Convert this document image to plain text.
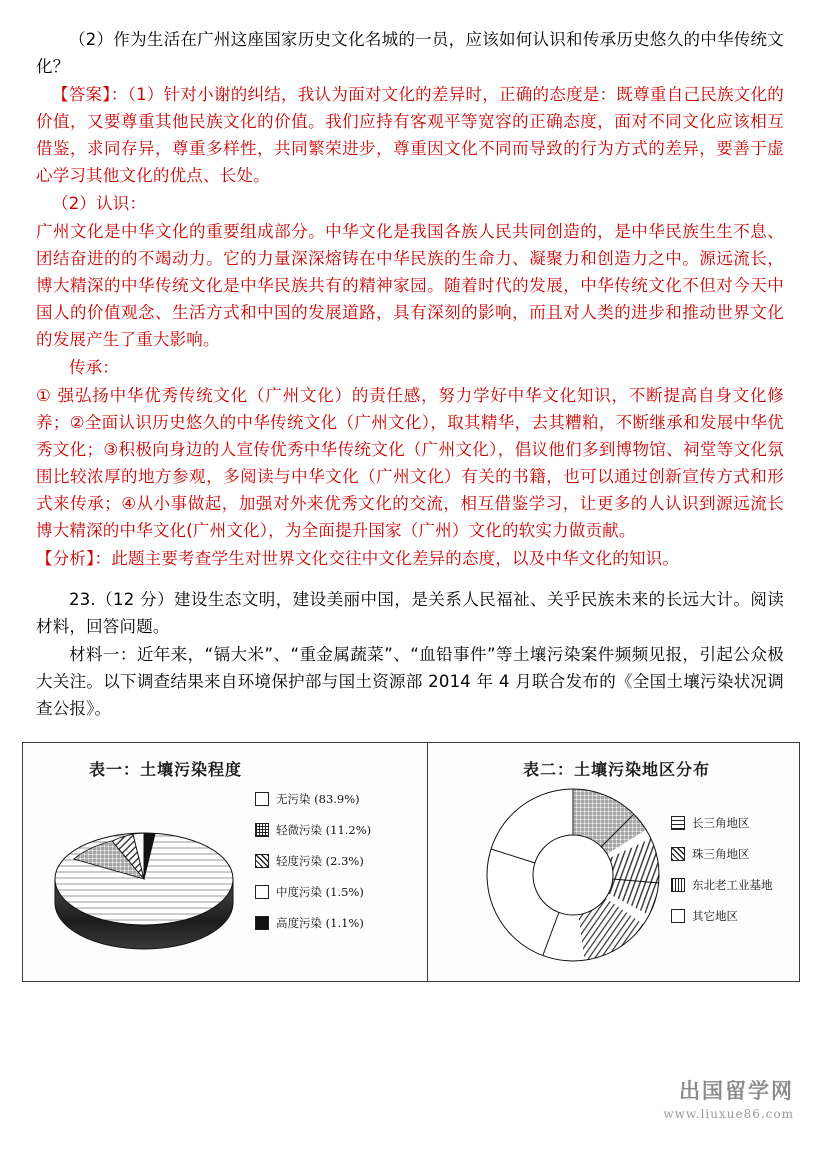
（2）作为生活在广州这座国家历史文化名城的一员，应该如何认识和传承历史悠久的中华传统文化？

【答案】：（1）针对小谢的纠结，我认为面对文化的差异时，正确的态度是：既尊重自己民族文化的价值，又要尊重其他民族文化的价值。我们应持有客观平等宽容的正确态度，面对不同文化应该相互借鉴，求同存异，尊重多样性，共同繁荣进步，尊重因文化不同而导致的行为方式的差异，要善于虚心学习其他文化的优点、长处。

（2）认识：

广州文化是中华文化的重要组成部分。中华文化是我国各族人民共同创造的，是中华民族生生不息、团结奋进的的不竭动力。它的力量深深熔铸在中华民族的生命力、凝聚力和创造力之中。源远流长，博大精深的中华传统文化是中华民族共有的精神家园。随着时代的发展，中华传统文化不但对今天中国人的价值观念、生活方式和中国的发展道路，具有深刻的影响，而且对人类的进步和推动世界文化的发展产生了重大影响。

传承：

① 强弘扬中华优秀传统文化（广州文化）的责任感，努力学好中华文化知识，不断提高自身文化修养；②全面认识历史悠久的中华传统文化（广州文化），取其精华，去其糟粕，不断继承和发展中华优秀文化；③积极向身边的人宣传优秀中华传统文化（广州文化），倡议他们多到博物馆、祠堂等文化氛围比较浓厚的地方参观，多阅读与中华文化（广州文化）有关的书籍，也可以通过创新宣传方式和形式来传承；④从小事做起，加强对外来优秀文化的交流，相互借鉴学习，让更多的人认识到源远流长博大精深的中华文化(广州文化），为全面提升国家（广州）文化的软实力做贡献。

【分析】：此题主要考查学生对世界文化交往中文化差异的态度，以及中华文化的知识。

23.（12 分）建设生态文明，建设美丽中国，是关系人民福祉、关乎民族未来的长远大计。阅读材料，回答问题。

材料一：近年来，“镉大米”、“重金属蔬菜”、“血铅事件”等土壤污染案件频频见报，引起公众极大关注。以下调查结果来自环境保护部与国土资源部 2014 年 4 月联合发布的《全国土壤污染状况调查公报》。

表一：土壤污染程度	表二：土壤污染地区分布
无污染 (83.9%)
轻微污染 (11.2%)
轻度污染 (2.3%)
中度污染 (1.5%)
高度污染 (1.1%)
长三角地区
珠三角地区
东北老工业基地
其它地区
出国留学网
www.liuxue86.com
